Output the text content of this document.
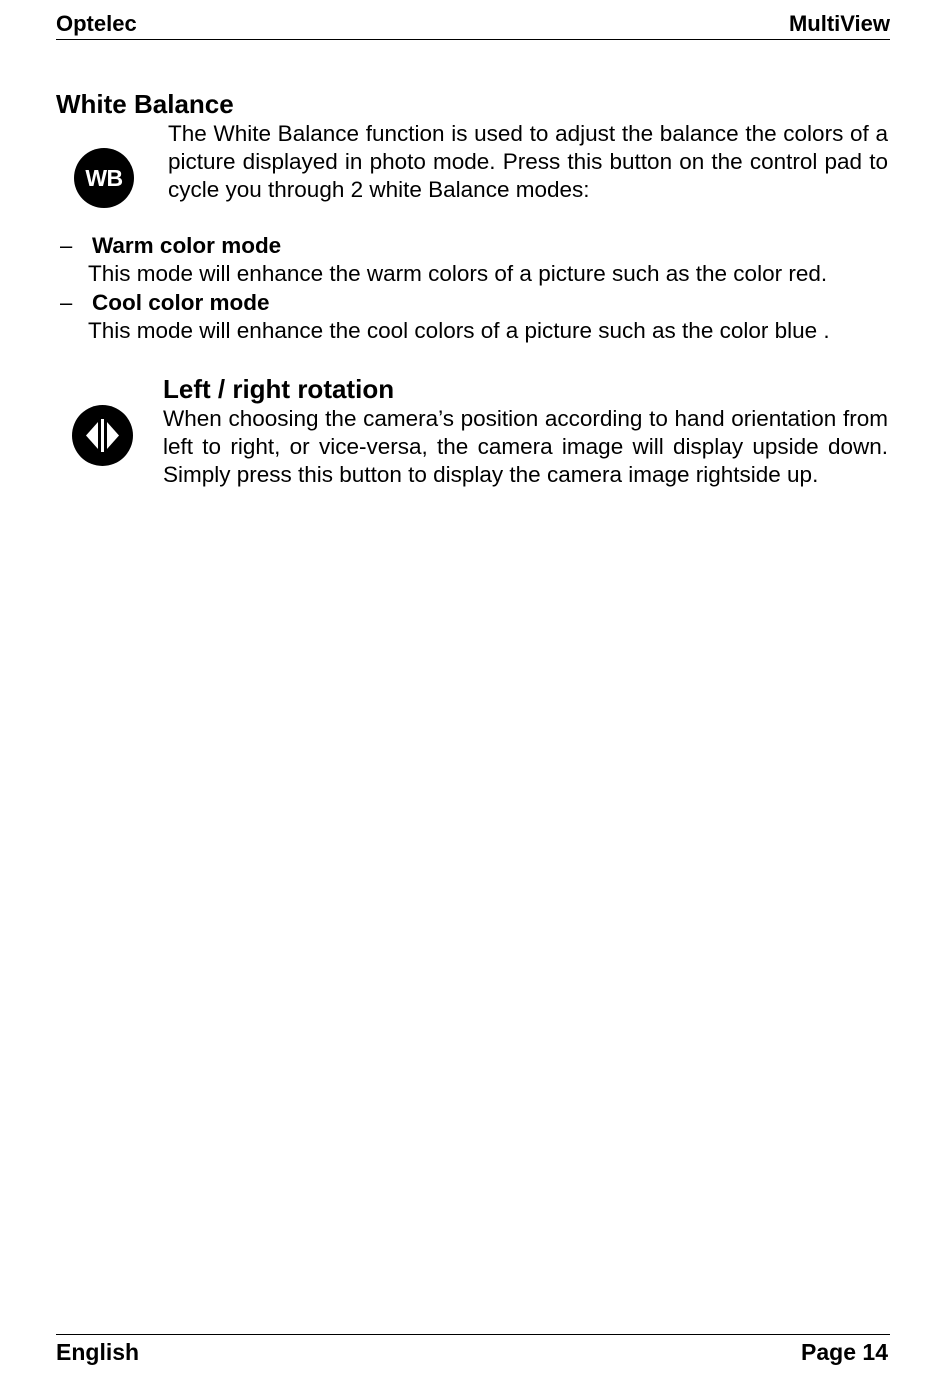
Optelec	MultiView
White Balance
WB
The White Balance function is used to adjust the balance the colors of a picture displayed in photo mode. Press this button on the control pad to cycle you through 2 white Balance modes:
– Warm color mode
This mode will enhance the warm colors of a picture such as the color red.
– Cool color mode
This mode will enhance the cool colors of a picture such as the color blue .
Left / right rotation
When choosing the camera’s position according to hand orientation from left to right, or vice-versa, the camera image will display upside down. Simply press this button to display the camera image rightside up.
English	Page 14
